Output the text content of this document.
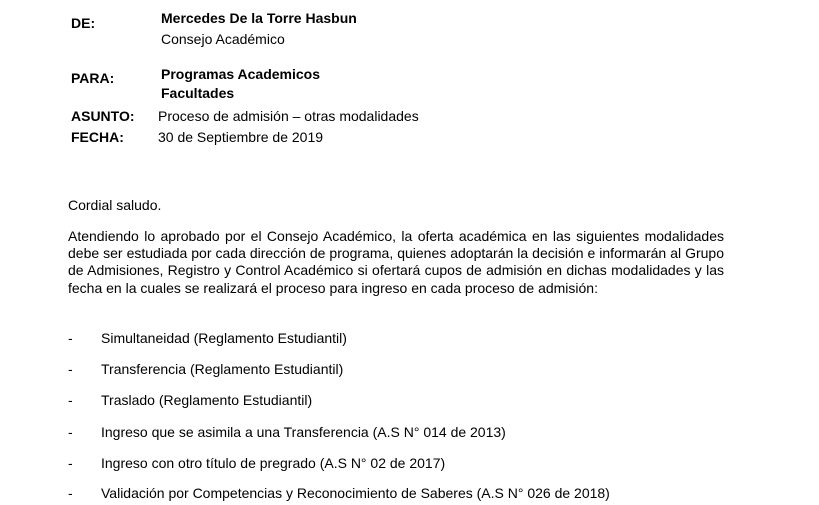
DE:	Mercedes De la Torre Hasbun
Consejo Académico
PARA:	Programas Academicos
Facultades
ASUNTO: Proceso de admisión – otras modalidades
FECHA: 30 de Septiembre de 2019
Cordial saludo.
Atendiendo lo aprobado por el Consejo Académico, la oferta académica en las siguientes modalidades debe ser estudiada por cada dirección de programa, quienes adoptarán la decisión e informarán al Grupo de Admisiones, Registro y Control Académico si ofertará cupos de admisión en dichas modalidades y las fecha en la cuales se realizará el proceso para ingreso en cada proceso de admisión:
- Simultaneidad (Reglamento Estudiantil)
- Transferencia (Reglamento Estudiantil)
- Traslado (Reglamento Estudiantil)
- Ingreso que se asimila a una Transferencia (A.S N° 014 de 2013)
- Ingreso con otro título de pregrado (A.S N° 02 de 2017)
- Validación por Competencias y Reconocimiento de Saberes (A.S N° 026 de 2018)
